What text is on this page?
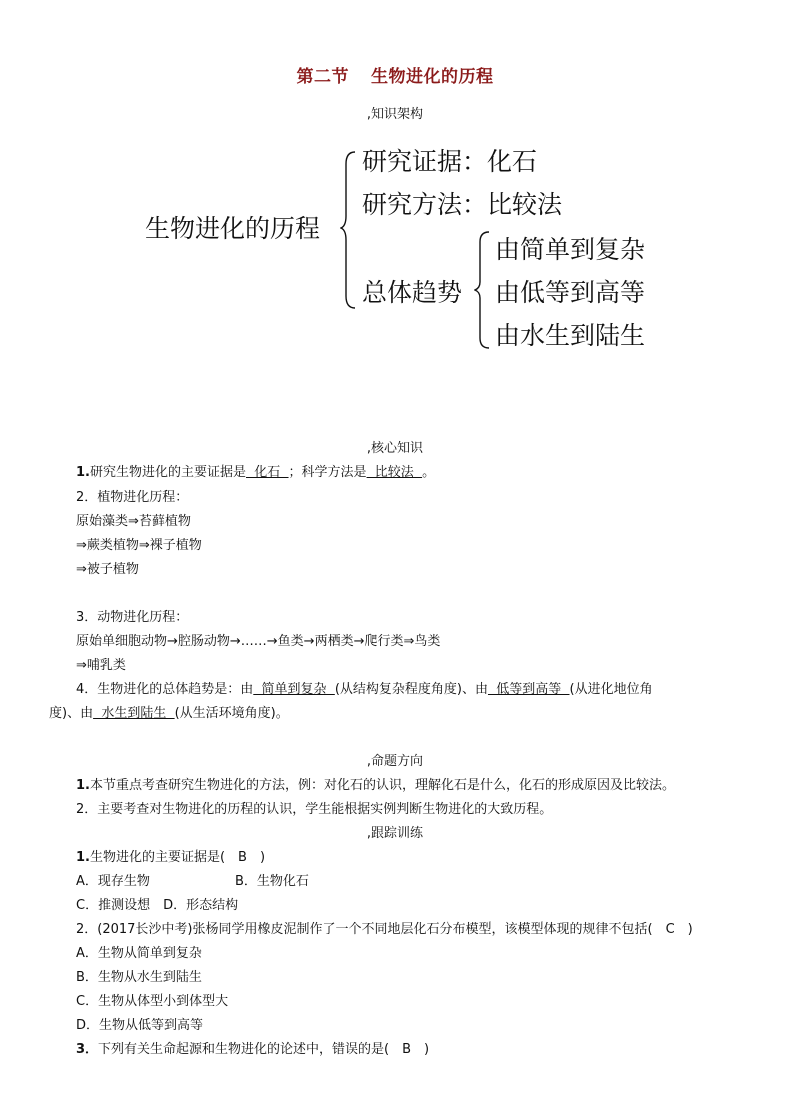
第二节 生物进化的历程
,知识架构
生物进化的历程
研究证据：化石
研究方法：比较法
总体趋势
由简单到复杂
由低等到高等
由水生到陆生
,核心知识
1.研究生物进化的主要证据是  化石  ；科学方法是  比较法  。
2．植物进化历程：
原始藻类⇒苔藓植物
⇒蕨类植物⇒裸子植物
⇒被子植物
3．动物进化历程：
原始单细胞动物→腔肠动物→……→鱼类→两栖类→爬行类⇒鸟类
⇒哺乳类
4．生物进化的总体趋势是：由  简单到复杂  (从结构复杂程度角度)、由  低等到高等  (从进化地位角
度)、由  水生到陆生  (从生活环境角度)。
,命题方向
1.本节重点考查研究生物进化的方法，例：对化石的认识，理解化石是什么，化石的形成原因及比较法。
2．主要考查对生物进化的历程的认识，学生能根据实例判断生物进化的大致历程。
,跟踪训练
1.生物进化的主要证据是(　B　)
A．现存生物	B．生物化石
C．推测设想　D．形态结构
2．(2017长沙中考)张杨同学用橡皮泥制作了一个不同地层化石分布模型，该模型体现的规律不包括(　C　)
A．生物从简单到复杂
B．生物从水生到陆生
C．生物从体型小到体型大
D．生物从低等到高等
3．下列有关生命起源和生物进化的论述中，错误的是(　B　)
